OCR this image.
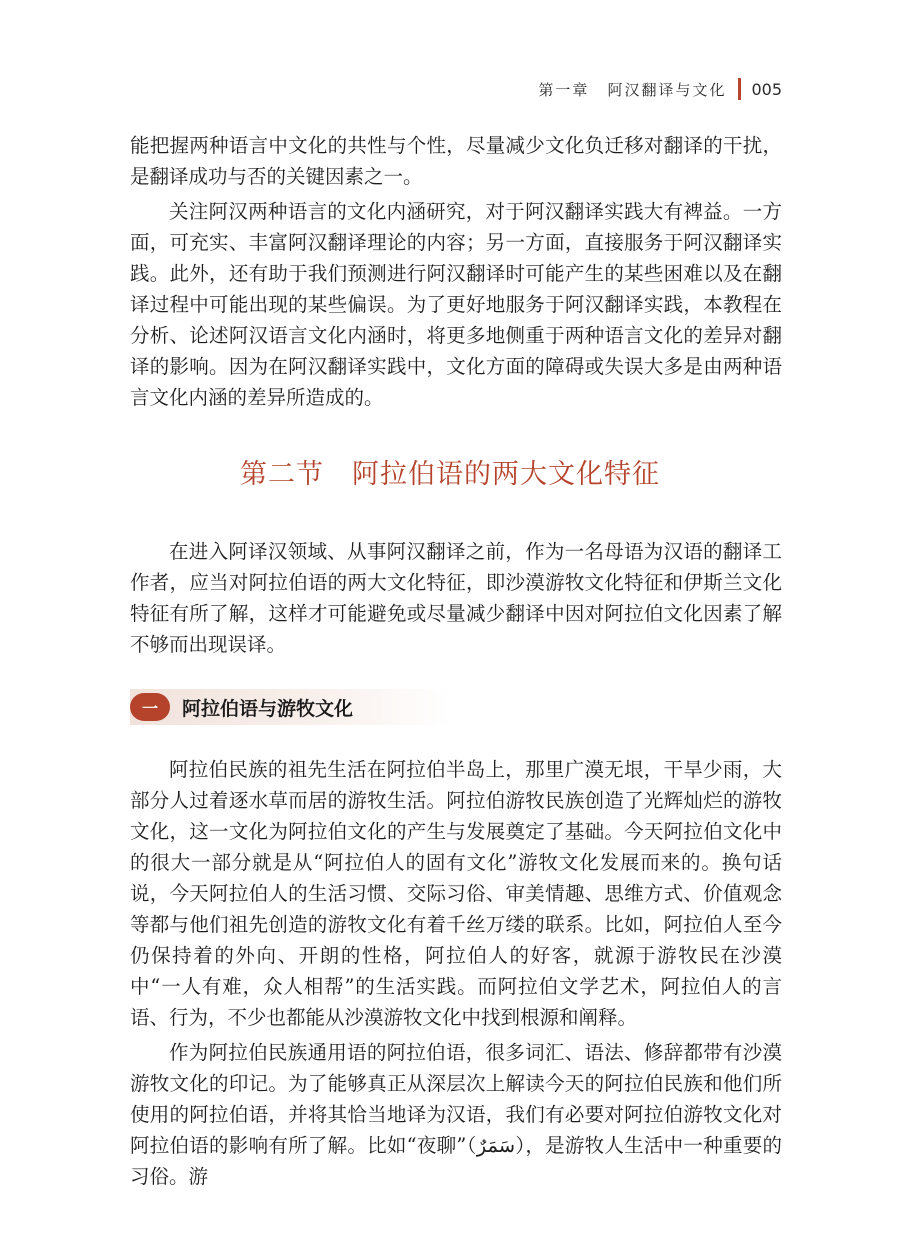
第一章 阿汉翻译与文化 005

能把握两种语言中文化的共性与个性，尽量减少文化负迁移对翻译的干扰，是翻译成功与否的关键因素之一。

关注阿汉两种语言的文化内涵研究，对于阿汉翻译实践大有裨益。一方面，可充实、丰富阿汉翻译理论的内容；另一方面，直接服务于阿汉翻译实践。此外，还有助于我们预测进行阿汉翻译时可能产生的某些困难以及在翻译过程中可能出现的某些偏误。为了更好地服务于阿汉翻译实践，本教程在分析、论述阿汉语言文化内涵时，将更多地侧重于两种语言文化的差异对翻译的影响。因为在阿汉翻译实践中，文化方面的障碍或失误大多是由两种语言文化内涵的差异所造成的。

第二节 阿拉伯语的两大文化特征

在进入阿译汉领域、从事阿汉翻译之前，作为一名母语为汉语的翻译工作者，应当对阿拉伯语的两大文化特征，即沙漠游牧文化特征和伊斯兰文化特征有所了解，这样才可能避免或尽量减少翻译中因对阿拉伯文化因素了解不够而出现误译。

一 阿拉伯语与游牧文化

阿拉伯民族的祖先生活在阿拉伯半岛上，那里广漠无垠，干旱少雨，大部分人过着逐水草而居的游牧生活。阿拉伯游牧民族创造了光辉灿烂的游牧文化，这一文化为阿拉伯文化的产生与发展奠定了基础。今天阿拉伯文化中的很大一部分就是从“阿拉伯人的固有文化”游牧文化发展而来的。换句话说，今天阿拉伯人的生活习惯、交际习俗、审美情趣、思维方式、价值观念等都与他们祖先创造的游牧文化有着千丝万缕的联系。比如，阿拉伯人至今仍保持着的外向、开朗的性格，阿拉伯人的好客，就源于游牧民在沙漠中“一人有难，众人相帮”的生活实践。而阿拉伯文学艺术，阿拉伯人的言语、行为，不少也都能从沙漠游牧文化中找到根源和阐释。

作为阿拉伯民族通用语的阿拉伯语，很多词汇、语法、修辞都带有沙漠游牧文化的印记。为了能够真正从深层次上解读今天的阿拉伯民族和他们所使用的阿拉伯语，并将其恰当地译为汉语，我们有必要对阿拉伯游牧文化对阿拉伯语的影响有所了解。比如“夜聊”（سَمَرٌ），是游牧人生活中一种重要的习俗。游
